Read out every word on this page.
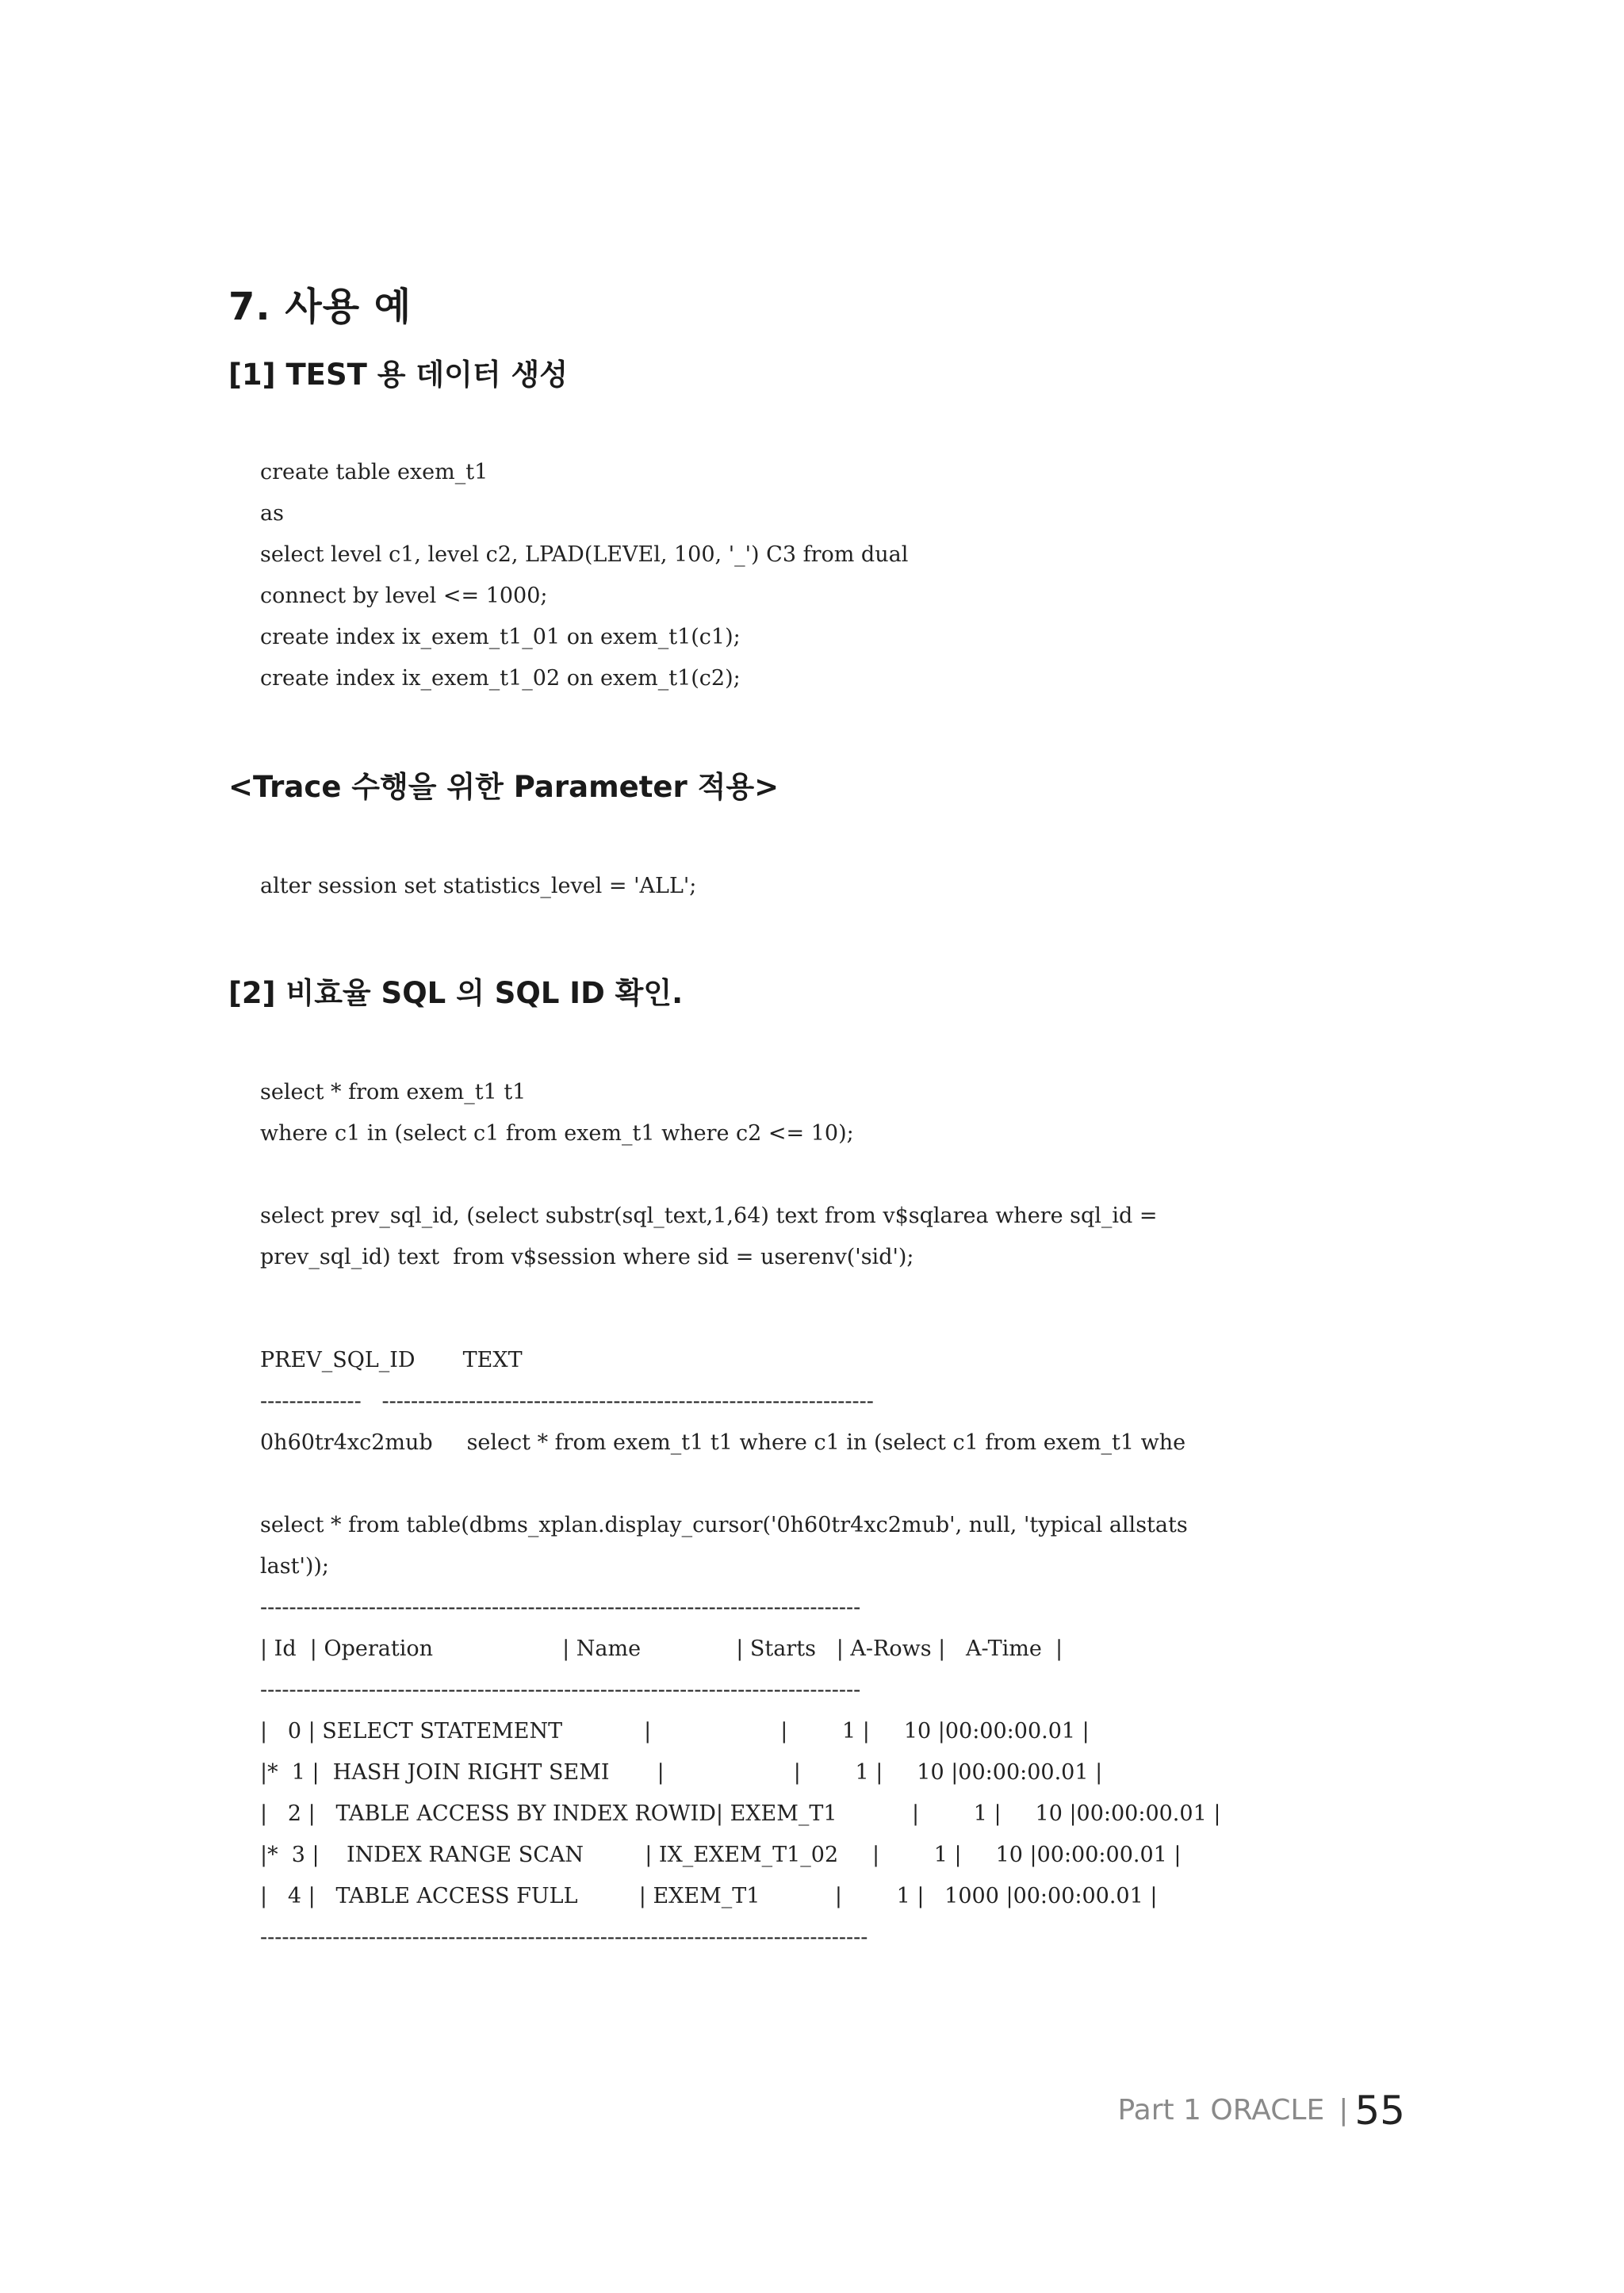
7. 사용 예
[1] TEST 용 데이터 생성
create table exem_t1
as
select level c1, level c2, LPAD(LEVEl, 100, '_') C3 from dual
connect by level <= 1000;
create index ix_exem_t1_01 on exem_t1(c1);
create index ix_exem_t1_02 on exem_t1(c2);
<Trace 수행을 위한 Parameter 적용>
alter session set statistics_level = 'ALL';
[2] 비효율 SQL 의 SQL ID 확인.
select * from exem_t1 t1
where c1 in (select c1 from exem_t1 where c2 <= 10);
select prev_sql_id, (select substr(sql_text,1,64) text from v$sqlarea where sql_id =
prev_sql_id) text  from v$session where sid = userenv('sid');
PREV_SQL_ID       TEXT
--------------   --------------------------------------------------------------------
0h60tr4xc2mub     select * from exem_t1 t1 where c1 in (select c1 from exem_t1 whe
select * from table(dbms_xplan.display_cursor('0h60tr4xc2mub', null, 'typical allstats
last'));
-----------------------------------------------------------------------------------
| Id  | Operation                   | Name              | Starts   | A-Rows |   A-Time  |
-----------------------------------------------------------------------------------
|   0 | SELECT STATEMENT            |                   |        1 |     10 |00:00:00.01 |
|*  1 |  HASH JOIN RIGHT SEMI       |                   |        1 |     10 |00:00:00.01 |
|   2 |   TABLE ACCESS BY INDEX ROWID| EXEM_T1           |        1 |     10 |00:00:00.01 |
|*  3 |    INDEX RANGE SCAN         | IX_EXEM_T1_02     |        1 |     10 |00:00:00.01 |
|   4 |   TABLE ACCESS FULL         | EXEM_T1           |        1 |   1000 |00:00:00.01 |
------------------------------------------------------------------------------------
Part 1 ORACLE | 55
